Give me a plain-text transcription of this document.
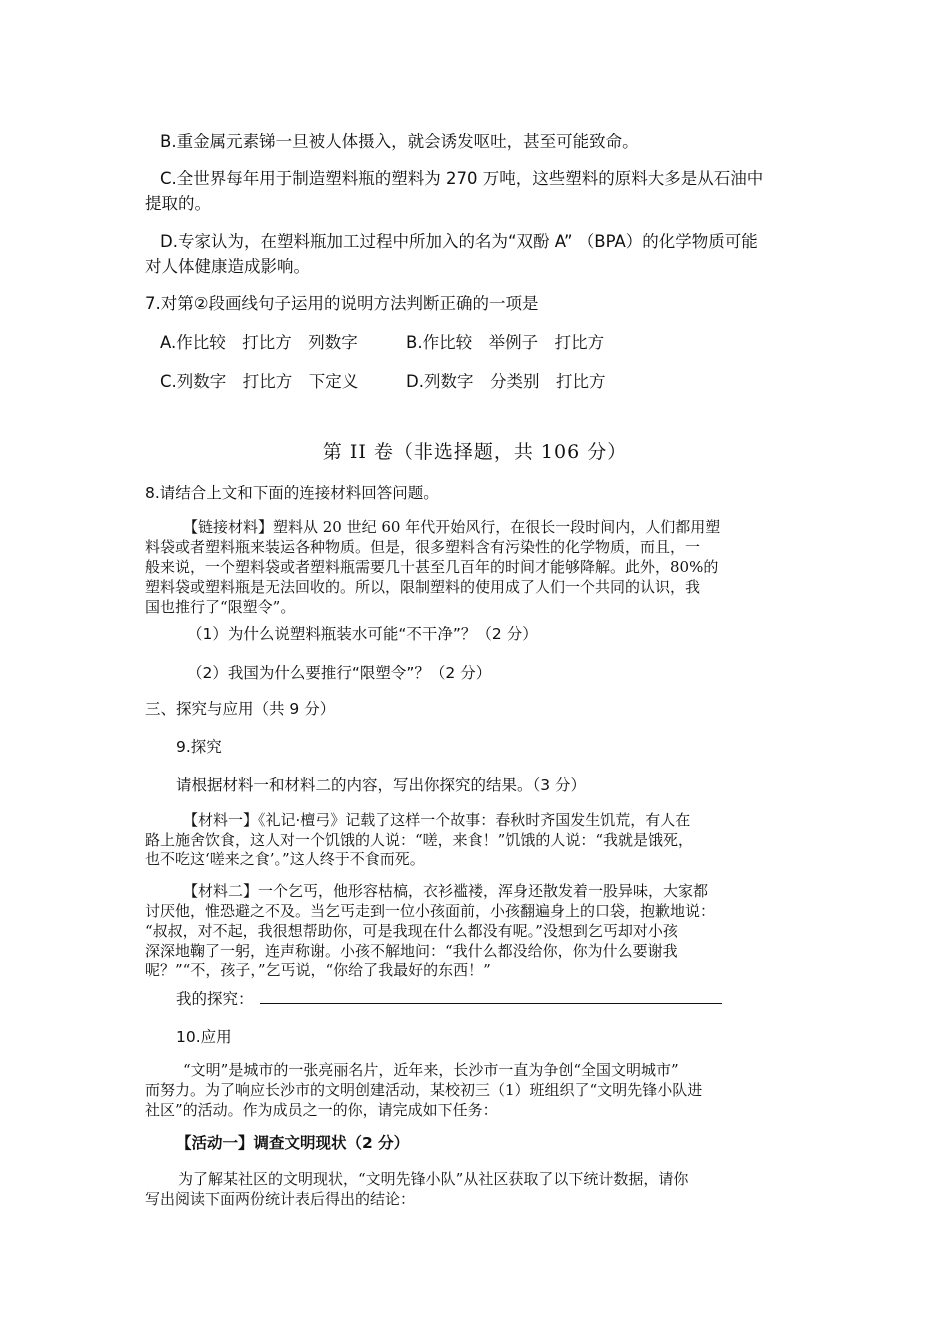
B.重金属元素锑一旦被人体摄入，就会诱发呕吐，甚至可能致命。
C.全世界每年用于制造塑料瓶的塑料为 270 万吨，这些塑料的原料大多是从石油中
提取的。
D.专家认为，在塑料瓶加工过程中所加入的名为“双酚 A” （BPA）的化学物质可能
对人体健康造成影响。
7.对第②段画线句子运用的说明方法判断正确的一项是
A.作比较　打比方　列数字	B.作比较　举例子　打比方
C.列数字　打比方　下定义	D.列数字　分类别　打比方
第 II 卷（非选择题，共 106 分）
8.请结合上文和下面的连接材料回答问题。
【链接材料】塑料从 20 世纪 60 年代开始风行，在很长一段时间内，人们都用塑
料袋或者塑料瓶来装运各种物质。但是，很多塑料含有污染性的化学物质，而且，一
般来说，一个塑料袋或者塑料瓶需要几十甚至几百年的时间才能够降解。此外，80%的
塑料袋或塑料瓶是无法回收的。所以，限制塑料的使用成了人们一个共同的认识，我
国也推行了“限塑令”。
（1）为什么说塑料瓶装水可能“不干净”？（2 分）
（2）我国为什么要推行“限塑令”？（2 分）
三、探究与应用（共 9 分）
9.探究
请根据材料一和材料二的内容，写出你探究的结果。（3 分）
【材料一】《礼记·檀弓》记载了这样一个故事：春秋时齐国发生饥荒，有人在
路上施舍饮食，这人对一个饥饿的人说：“嗟，来食！”饥饿的人说：“我就是饿死，
也不吃这‘嗟来之食’。”这人终于不食而死。
【材料二】一个乞丐，他形容枯槁，衣衫褴褛，浑身还散发着一股异味，大家都
讨厌他，惟恐避之不及。当乞丐走到一位小孩面前，小孩翻遍身上的口袋，抱歉地说：
“叔叔，对不起，我很想帮助你，可是我现在什么都没有呢。”没想到乞丐却对小孩
深深地鞠了一躬，连声称谢。小孩不解地问：“我什么都没给你，你为什么要谢我
呢？”“不，孩子，”乞丐说，“你给了我最好的东西！”
我的探究：
10.应用
“文明”是城市的一张亮丽名片，近年来，长沙市一直为争创“全国文明城市”
而努力。为了响应长沙市的文明创建活动，某校初三（1）班组织了“文明先锋小队进
社区”的活动。作为成员之一的你，请完成如下任务：
【活动一】调查文明现状（2 分）
为了解某社区的文明现状，“文明先锋小队”从社区获取了以下统计数据，请你
写出阅读下面两份统计表后得出的结论：
